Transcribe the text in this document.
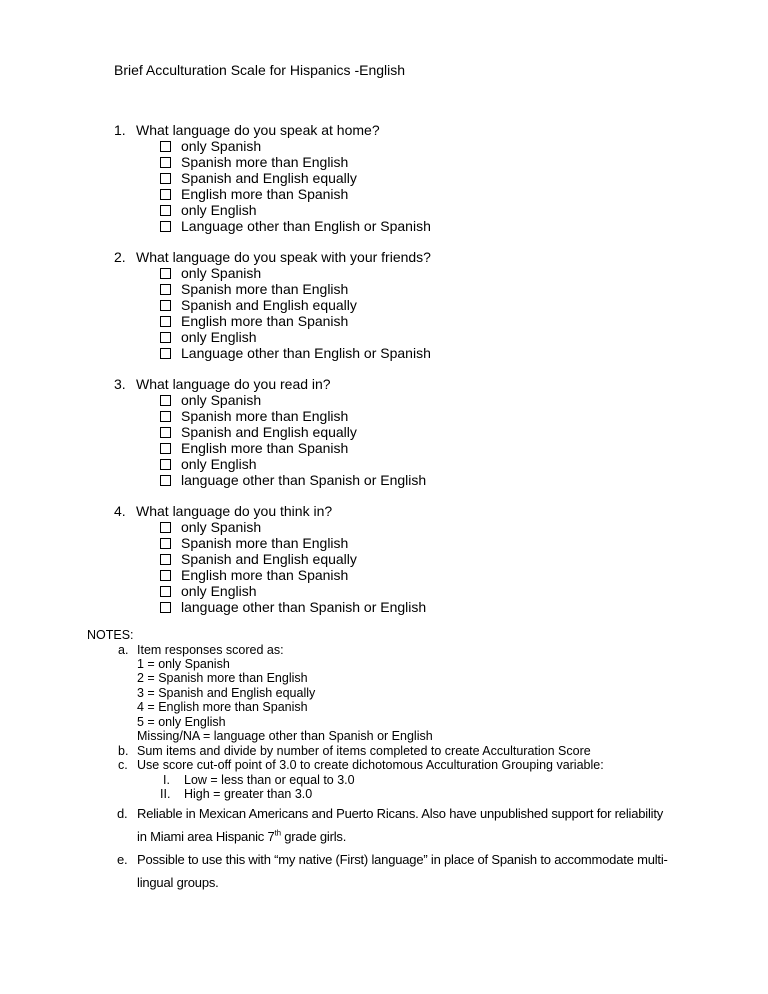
Brief Acculturation Scale for Hispanics -English
1. What language do you speak at home?
only Spanish
Spanish more than English
Spanish and English equally
English more than Spanish
only English
Language other than English or Spanish
2. What language do you speak with your friends?
only Spanish
Spanish more than English
Spanish and English equally
English more than Spanish
only English
Language other than English or Spanish
3. What language do you read in?
only Spanish
Spanish more than English
Spanish and English equally
English more than Spanish
only English
language other than Spanish or English
4. What language do you think in?
only Spanish
Spanish more than English
Spanish and English equally
English more than Spanish
only English
language other than Spanish or English
NOTES:
a. Item responses scored as:
1 = only Spanish
2 = Spanish more than English
3 = Spanish and English equally
4 = English more than Spanish
5 = only English
Missing/NA = language other than Spanish or English
b. Sum items and divide by number of items completed to create Acculturation Score
c. Use score cut-off point of 3.0 to create dichotomous Acculturation Grouping variable:
I. Low = less than or equal to 3.0
II. High = greater than 3.0
d. Reliable in Mexican Americans and Puerto Ricans. Also have unpublished support for reliability
in Miami area Hispanic 7th grade girls.
e. Possible to use this with “my native (First) language” in place of Spanish to accommodate multi-
lingual groups.
